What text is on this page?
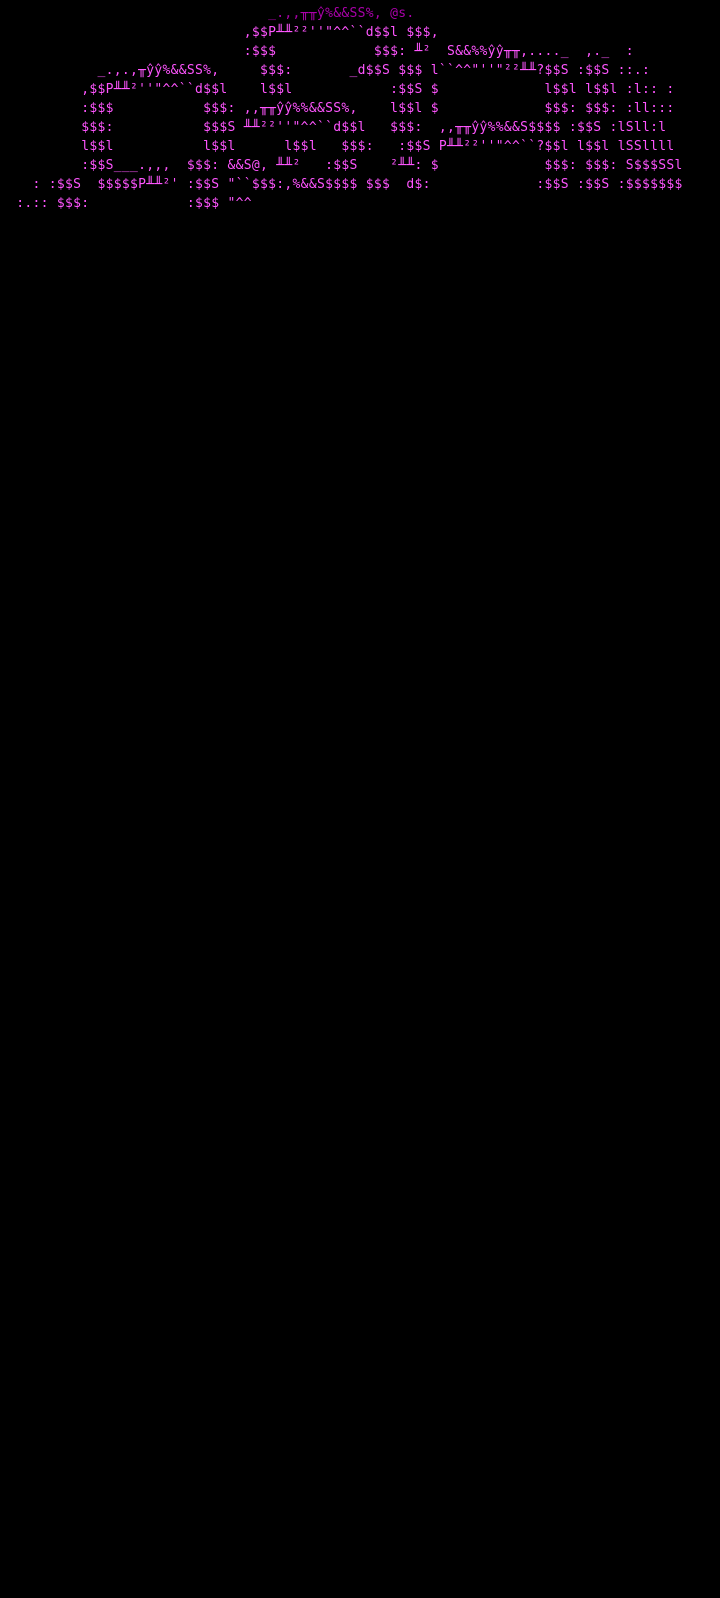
_.,,╥╥ŷ%&&SS%, @s.
,$$P╨╨²²''"^^``d$$l $$$,
:$$$            $$$: ╨²  S&&%%ŷŷ╥╥,...._  ,._  :
_.,.,╥ŷŷ%&&SS%,     $$$:       _d$$S $$$ l``^^"''"²²╨╨?$$S :$$S ::.:
,$$P╨╨²''"^^``d$$l    l$$l            :$$S $             l$$l l$$l :l:: :
:$$$           $$$: ,,╥╥ŷŷ%%&&SS%,    l$$l $             $$$: $$$: :ll:::
$$$:           $$$S ╨╨²²''"^^``d$$l   $$$:  ,,╥╥ŷŷ%%&&S$$$$ :$$S :lSll:l
l$$l           l$$l      l$$l   $$$:   :$$S P╨╨²²''"^^``?$$l l$$l lSSllll
:$$S___.,,,  $$$: &&S@, ╨╨²   :$$S    ²╨╨: $             $$$: $$$: S$$$SSl
: :$$S  $$$$$P╨╨²' :$$S "``$$$:,%&&S$$$$ $$$  d$:             :$$S :$$S :$$$$$$$
:.:: $$$:            :$$$ "^^
